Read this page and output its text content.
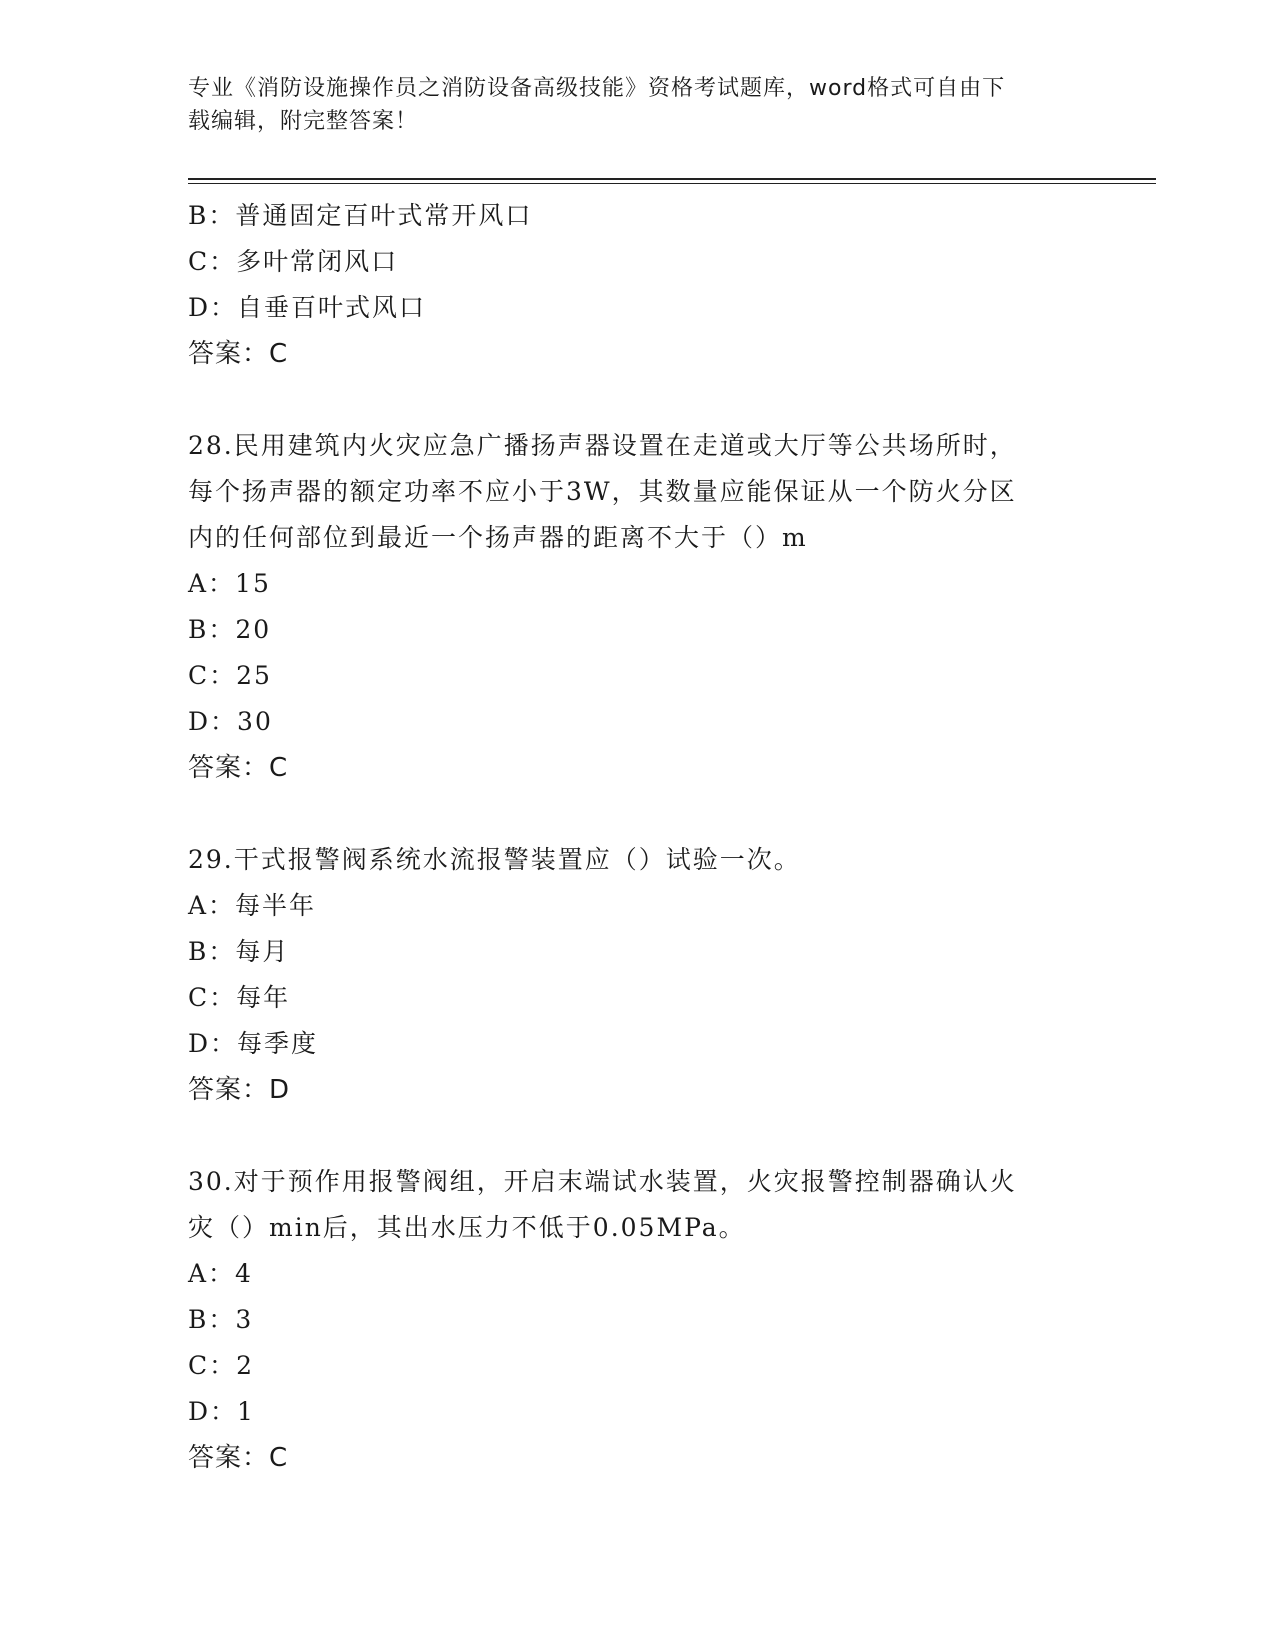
专业《消防设施操作员之消防设备高级技能》资格考试题库，word格式可自由下
载编辑，附完整答案！
B：普通固定百叶式常开风口
C：多叶常闭风口
D：自垂百叶式风口
答案：C
28.民用建筑内火灾应急广播扬声器设置在走道或大厅等公共场所时，
每个扬声器的额定功率不应小于3W，其数量应能保证从一个防火分区
内的任何部位到最近一个扬声器的距离不大于（）m
A：15
B：20
C：25
D：30
答案：C
29.干式报警阀系统水流报警装置应（）试验一次。
A：每半年
B：每月
C：每年
D：每季度
答案：D
30.对于预作用报警阀组，开启末端试水装置，火灾报警控制器确认火
灾（）min后，其出水压力不低于0.05MPa。
A：4
B：3
C：2
D：1
答案：C
